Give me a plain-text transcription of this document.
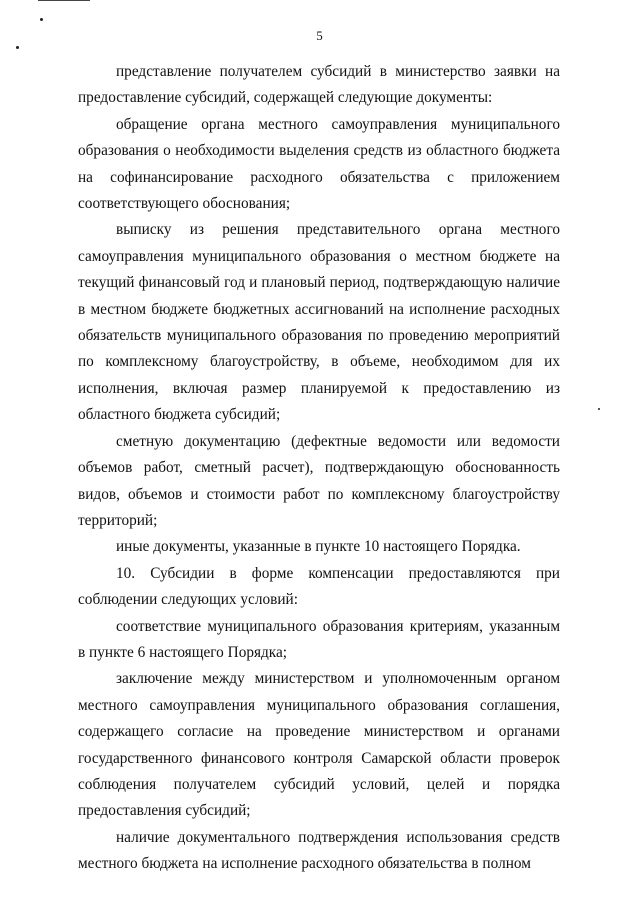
5

представление получателем субсидий в министерство заявки на предоставление субсидий, содержащей следующие документы:

обращение органа местного самоуправления муниципального образования о необходимости выделения средств из областного бюджета на софинансирование расходного обязательства с приложением соответствующего обоснования;

выписку из решения представительного органа местного самоуправления муниципального образования о местном бюджете на текущий финансовый год и плановый период, подтверждающую наличие в местном бюджете бюджетных ассигнований на исполнение расходных обязательств муниципального образования по проведению мероприятий по комплексному благоустройству, в объеме, необходимом для их исполнения, включая размер планируемой к предоставлению из областного бюджета субсидий;

сметную документацию (дефектные ведомости или ведомости объемов работ, сметный расчет), подтверждающую обоснованность видов, объемов и стоимости работ по комплексному благоустройству территорий;

иные документы, указанные в пункте 10 настоящего Порядка.

10. Субсидии в форме компенсации предоставляются при соблюдении следующих условий:

соответствие муниципального образования критериям, указанным в пункте 6 настоящего Порядка;

заключение между министерством и уполномоченным органом местного самоуправления муниципального образования соглашения, содержащего согласие на проведение министерством и органами государственного финансового контроля Самарской области проверок соблюдения получателем субсидий условий, целей и порядка предоставления субсидий;

наличие документального подтверждения использования средств местного бюджета на исполнение расходного обязательства в полном
